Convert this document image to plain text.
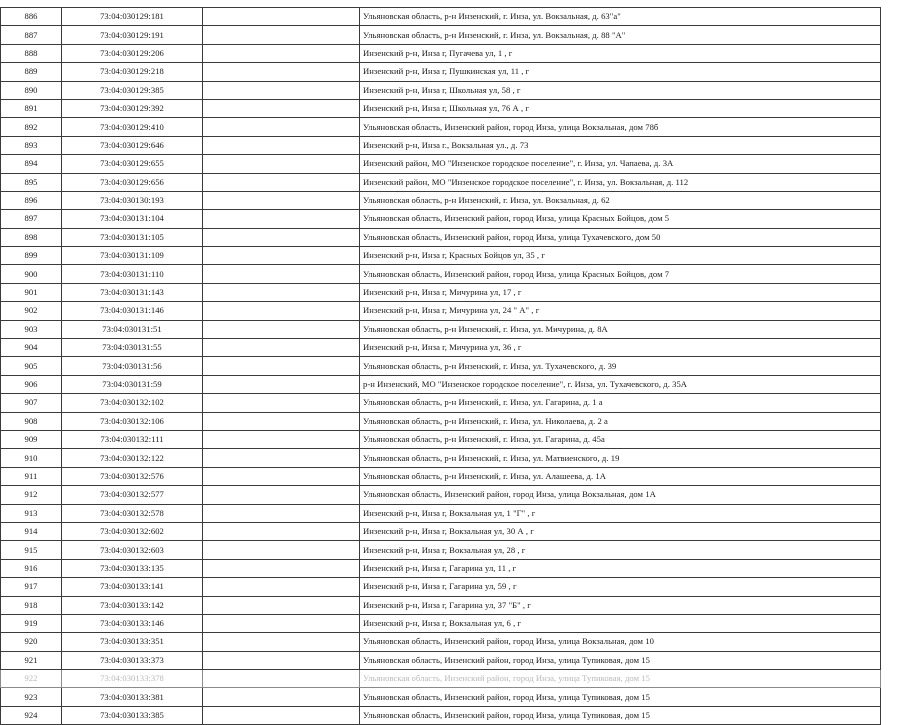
886	73:04:030129:181		Ульяновская область, р-н Инзенский, г. Инза, ул. Вокзальная, д. 63"а"
887	73:04:030129:191		Ульяновская область, р-н Инзенский, г. Инза, ул. Вокзальная, д. 88 "А"
888	73:04:030129:206		Инзенский р-н, Инза г, Пугачева ул, 1 , г
889	73:04:030129:218		Инзенский р-н, Инза г, Пушкинская ул, 11 , г
890	73:04:030129:385		Инзенский р-н, Инза г, Школьная ул, 58 , г
891	73:04:030129:392		Инзенский р-н, Инза г, Школьная ул, 76 А , г
892	73:04:030129:410		Ульяновская область, Инзенский район, город Инза, улица Вокзальная, дом 78б
893	73:04:030129:646		Инзенский р-н, Инза г., Вокзальная ул., д. 73
894	73:04:030129:655		Инзенский район, МО "Инзенское городское поселение", г. Инза, ул. Чапаева, д. 3А
895	73:04:030129:656		Инзенский район, МО "Инзенское городское поселение", г. Инза, ул. Вокзальная, д. 112
896	73:04:030130:193		Ульяновская область, р-н Инзенский, г. Инза, ул. Вокзальная, д. 62
897	73:04:030131:104		Ульяновская область, Инзенский район, город Инза, улица Красных Бойцов, дом 5
898	73:04:030131:105		Ульяновская область, Инзенский район, город Инза, улица Тухачевского, дом 50
899	73:04:030131:109		Инзенский р-н, Инза г, Красных Бойцов ул, 35 , г
900	73:04:030131:110		Ульяновская область, Инзенский район, город Инза, улица Красных Бойцов, дом 7
901	73:04:030131:143		Инзенский р-н, Инза г, Мичурина ул, 17 , г
902	73:04:030131:146		Инзенский р-н, Инза г, Мичурина ул, 24 " А" , г
903	73:04:030131:51		Ульяновская область, р-н Инзенский, г. Инза, ул. Мичурина, д. 8А
904	73:04:030131:55		Инзенский р-н, Инза г, Мичурина ул, 36 , г
905	73:04:030131:56		Ульяновская область, р-н Инзенский, г. Инза, ул. Тухачевского, д. 39
906	73:04:030131:59		р-н Инзенский, МО "Инзенское городское поселение", г. Инза, ул. Тухачевского, д. 35А
907	73:04:030132:102		Ульяновская область, р-н Инзенский, г. Инза, ул. Гагарина, д. 1 а
908	73:04:030132:106		Ульяновская область, р-н Инзенский, г. Инза, ул. Николаева, д. 2 а
909	73:04:030132:111		Ульяновская область, р-н Инзенский, г. Инза, ул. Гагарина, д. 45а
910	73:04:030132:122		Ульяновская область, р-н Инзенский, г. Инза, ул. Матвиенского, д. 19
911	73:04:030132:576		Ульяновская область, р-н Инзенский, г. Инза, ул. Алашеева, д. 1А
912	73:04:030132:577		Ульяновская область, Инзенский район, город Инза, улица Вокзальная, дом 1А
913	73:04:030132:578		Инзенский р-н, Инза г, Вокзальная ул, 1 "Г" , г
914	73:04:030132:602		Инзенский р-н, Инза г, Вокзальная ул, 30 А , г
915	73:04:030132:603		Инзенский р-н, Инза г, Вокзальная ул, 28 , г
916	73:04:030133:135		Инзенский р-н, Инза г, Гагарина ул, 11 , г
917	73:04:030133:141		Инзенский р-н, Инза г, Гагарина ул, 59 , г
918	73:04:030133:142		Инзенский р-н, Инза г, Гагарина ул, 37 "Б" , г
919	73:04:030133:146		Инзенский р-н, Инза г, Вокзальная ул, 6 , г
920	73:04:030133:351		Ульяновская область, Инзенский район, город Инза, улица Вокзальная, дом 10
921	73:04:030133:373		Ульяновская область, Инзенский район, город Инза, улица Тупиковая, дом 15
922	73:04:030133:378		Ульяновская область, Инзенский район, город Инза, улица Тупиковая, дом 15
923	73:04:030133:381		Ульяновская область, Инзенский район, город Инза, улица Тупиковая, дом 15
924	73:04:030133:385		Ульяновская область, Инзенский район, город Инза, улица Тупиковая, дом 15
